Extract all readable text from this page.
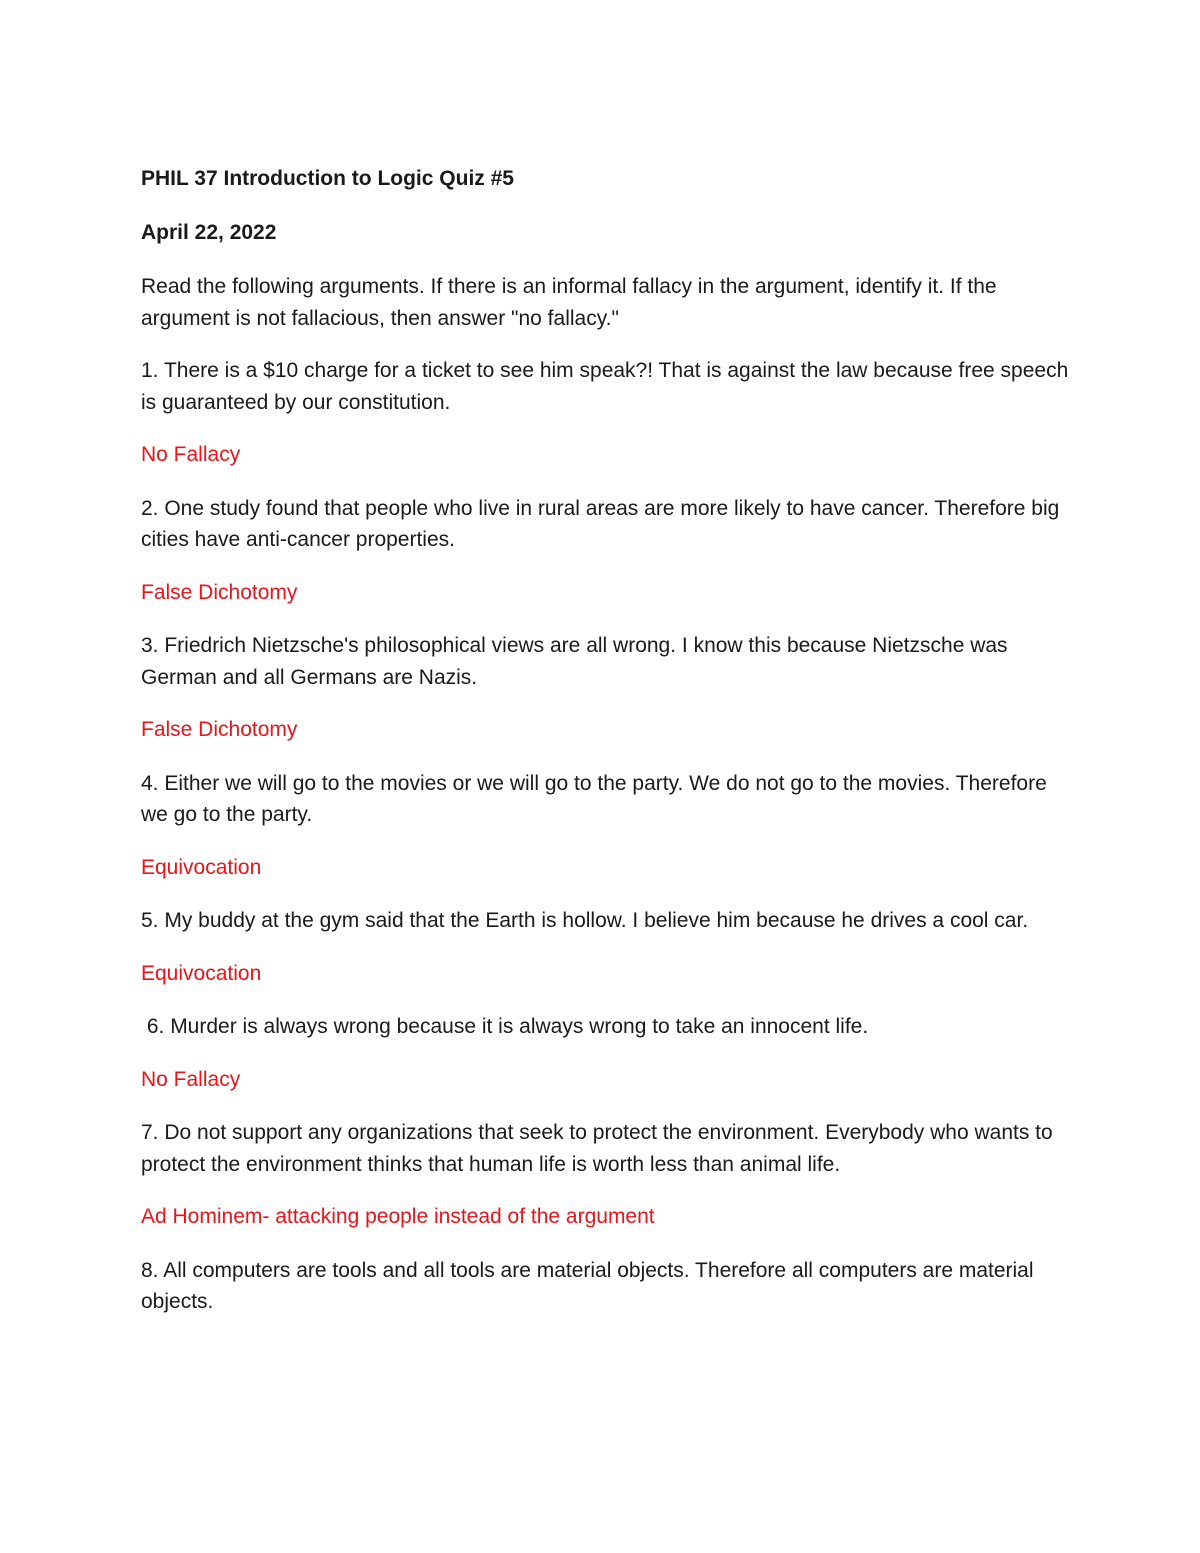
PHIL 37 Introduction to Logic Quiz #5
April 22, 2022
Read the following arguments. If there is an informal fallacy in the argument, identify it. If the argument is not fallacious, then answer "no fallacy."
1. There is a $10 charge for a ticket to see him speak?! That is against the law because free speech is guaranteed by our constitution.
No Fallacy
2. One study found that people who live in rural areas are more likely to have cancer. Therefore big cities have anti-cancer properties.
False Dichotomy
3. Friedrich Nietzsche's philosophical views are all wrong. I know this because Nietzsche was German and all Germans are Nazis.
False Dichotomy
4. Either we will go to the movies or we will go to the party. We do not go to the movies. Therefore we go to the party.
Equivocation
5. My buddy at the gym said that the Earth is hollow. I believe him because he drives a cool car.
Equivocation
6. Murder is always wrong because it is always wrong to take an innocent life.
No Fallacy
7. Do not support any organizations that seek to protect the environment. Everybody who wants to protect the environment thinks that human life is worth less than animal life.
Ad Hominem- attacking people instead of the argument
8. All computers are tools and all tools are material objects. Therefore all computers are material objects.
